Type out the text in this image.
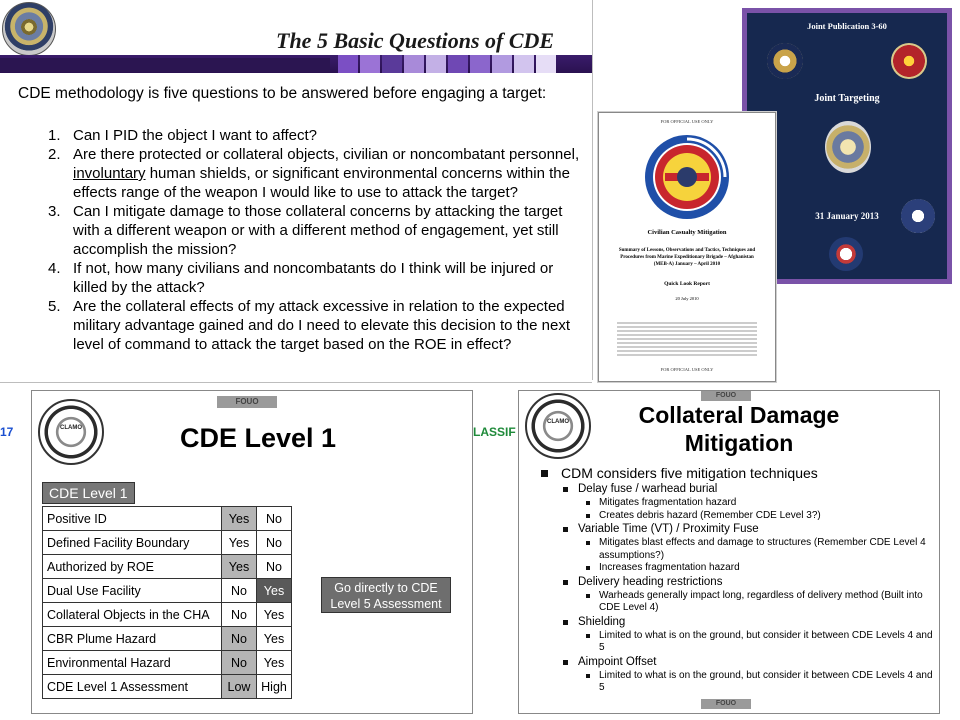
The 5 Basic Questions of CDE
CDE methodology is five questions to be answered before engaging a target:
1. Can I PID the object I want to affect?
2. Are there protected or collateral objects, civilian or noncombatant personnel, involuntary human shields, or significant environmental concerns within the effects range of the weapon I would like to use to attack the target?
3. Can I mitigate damage to those collateral concerns by attacking the target with a different weapon or with a different method of engagement, yet still accomplish the mission?
4. If not, how many civilians and noncombatants do I think will be injured or killed by the attack?
5. Are the collateral effects of my attack excessive in relation to the expected military advantage gained and do I need to elevate this decision to the next level of command to attack the target based on the ROE in effect?
Joint Publication 3-60
Joint Targeting
31 January 2013
FOR OFFICIAL USE ONLY
Civilian Casualty Mitigation
Summary of Lessons, Observations and Tactics, Techniques and Procedures from Marine Expeditionary Brigade – Afghanistan (MEB-A) January – April 2010
Quick Look Report
20 July 2010
FOR OFFICIAL USE ONLY
17	LASSIF
FOUO
CLAMO	CDE Level 1
CDE Level 1
Positive ID	Yes	No
Defined Facility Boundary	Yes	No
Authorized by ROE	Yes	No
Dual Use Facility	No	Yes
Collateral Objects in the CHA	No	Yes
CBR Plume Hazard	No	Yes
Environmental Hazard	No	Yes
CDE Level 1 Assessment	Low	High
Go directly to CDE Level 5 Assessment
FOUO
CLAMO	Collateral Damage Mitigation
CDM considers five mitigation techniques
Delay fuse / warhead burial
Mitigates fragmentation hazard
Creates debris hazard (Remember CDE Level 3?)
Variable Time (VT) / Proximity Fuse
Mitigates blast effects and damage to structures (Remember CDE Level 4 assumptions?)
Increases fragmentation hazard
Delivery heading restrictions
Warheads generally impact long, regardless of delivery method (Built into CDE Level 4)
Shielding
Limited to what is on the ground, but consider it between CDE Levels 4 and 5
Aimpoint Offset
Limited to what is on the ground, but consider it between CDE Levels 4 and 5
FOUO
